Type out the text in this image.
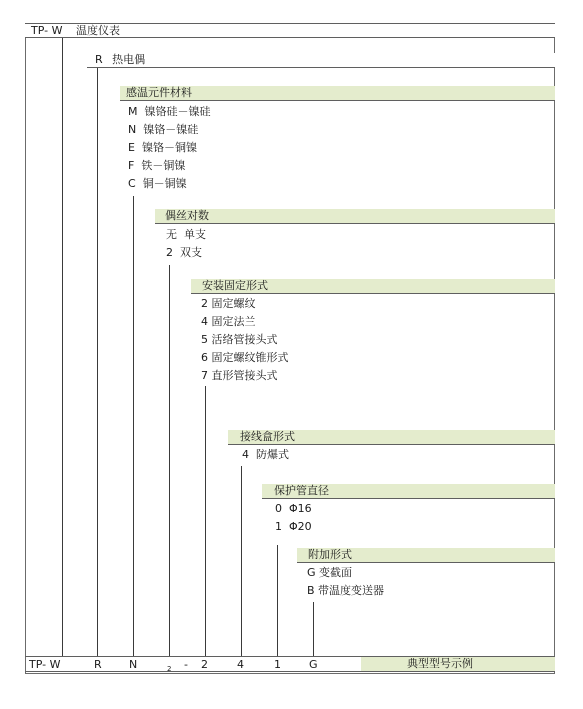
TP- W 温度仪表
R 热电偶
感温元件材料
M 镍铬硅－镍硅
N 镍铬－镍硅
E 镍铬－铜镍
F 铁－铜镍
C 铜－铜镍
偶丝对数
无 单支
2 双支
安装固定形式
2 固定螺纹
4 固定法兰
5 活络管接头式
6 固定螺纹锥形式
7 直形管接头式
接线盒形式
4 防爆式
保护管直径
0 Φ16
1 Φ20
附加形式
G 变截面
B 带温度变送器
TP- W	R N	2 - 2	4	1	G	典型型号示例
